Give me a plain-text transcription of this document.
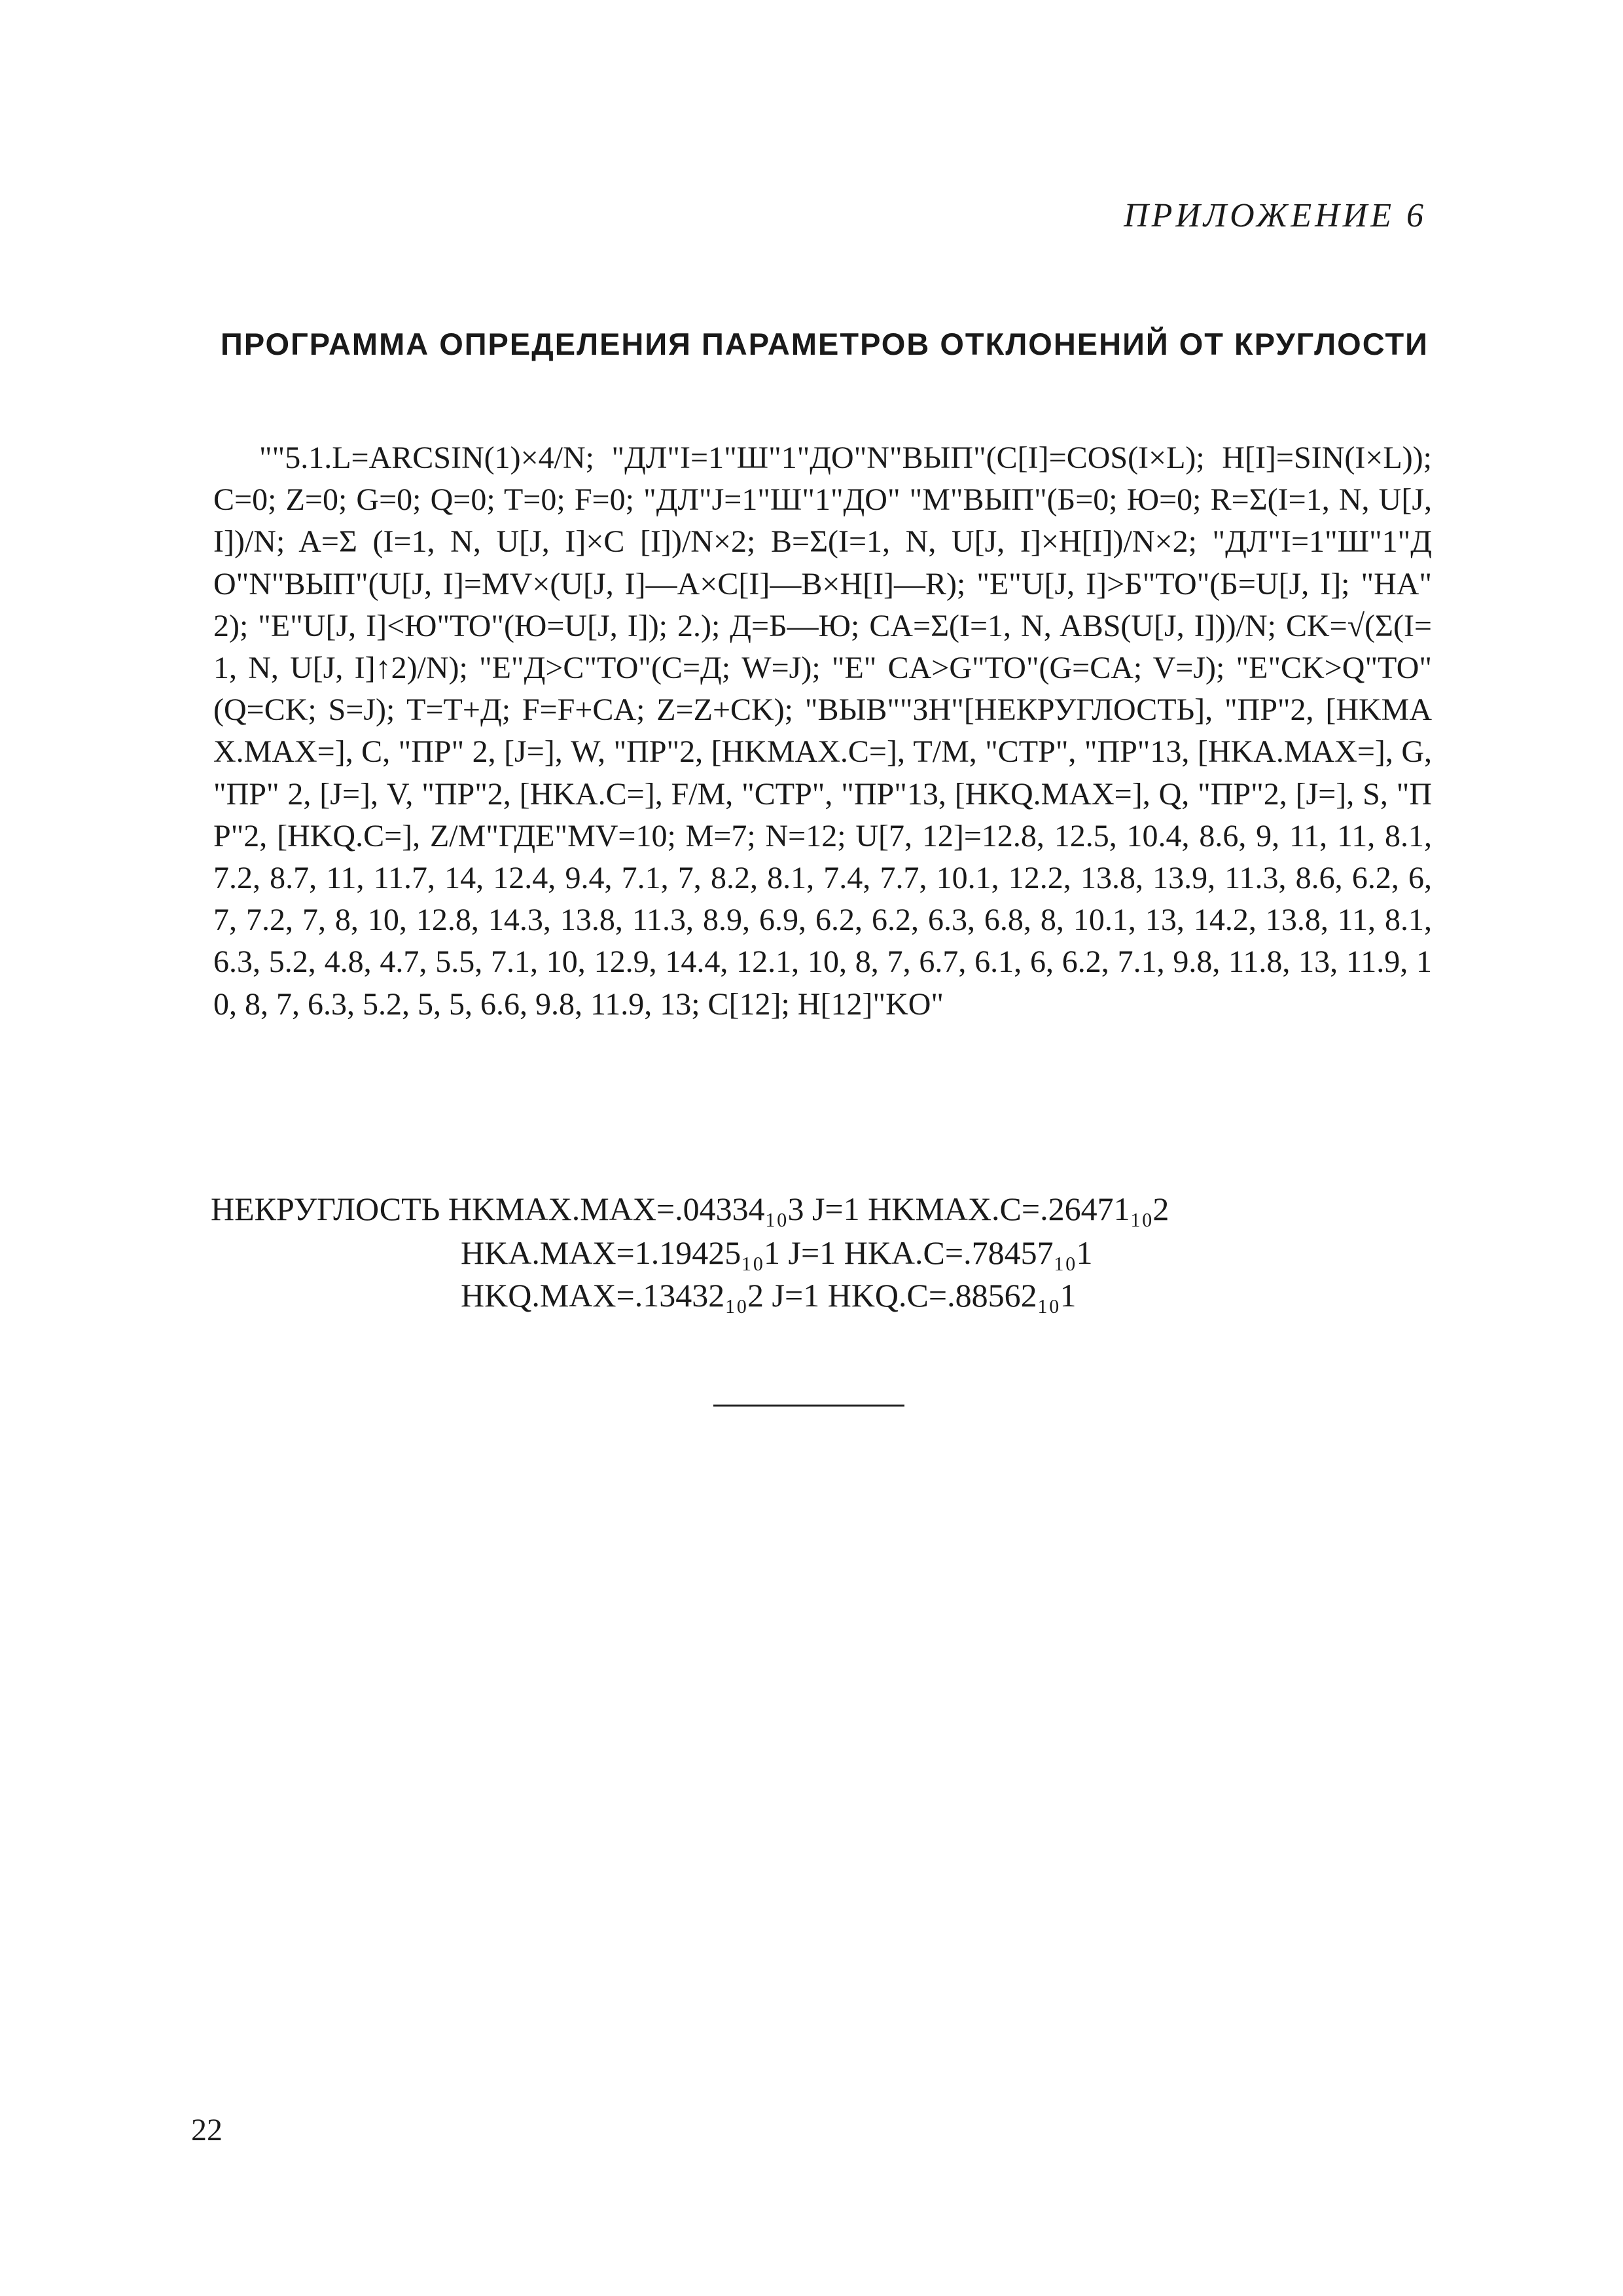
ПРИЛОЖЕНИЕ 6
ПРОГРАММА ОПРЕДЕЛЕНИЯ ПАРАМЕТРОВ ОТКЛОНЕНИЙ ОТ КРУГЛОСТИ
""5.1.L=ARCSIN(1)×4/N; "ДЛ"I=1"Ш"1"ДО"N"ВЫП"(C[I]=COS(I×L); H[I]=SIN(I×L)); C=0; Z=0; G=0; Q=0; T=0; F=0; "ДЛ"J=1"Ш"1"ДО" "M"ВЫП"(Б=0; Ю=0; R=Σ(I=1, N, U[J, I])/N; A=Σ (I=1, N, U[J, I]×C [I])/N×2; B=Σ(I=1, N, U[J, I]×H[I])/N×2; "ДЛ"I=1"Ш"1"ДО"N"ВЫП"(U[J, I]=MV×(U[J, I]—A×C[I]—B×H[I]—R); "E"U[J, I]>Б"ТО"(Б=U[J, I]; "HA" 2); "E"U[J, I]<Ю"ТО"(Ю=U[J, I]); 2.); Д=Б—Ю; CA=Σ(I=1, N, ABS(U[J, I]))/N; CK=√(Σ(I=1, N, U[J, I]↑2)/N); "E"Д>C"ТО"(C=Д; W=J); "E" CA>G"ТО"(G=CA; V=J); "E"CK>Q"ТО"(Q=CK; S=J); T=T+Д; F=F+CA; Z=Z+CK); "ВЫВ""ЗН"[НЕКРУГЛОСТЬ], "ПР"2, [HKMAX.MAX=], C, "ПР" 2, [J=], W, "ПР"2, [HKMAX.C=], T/M, "СТР", "ПР"13, [HKA.MAX=], G, "ПР" 2, [J=], V, "ПР"2, [HKA.C=], F/M, "СТР", "ПР"13, [HKQ.MAX=], Q, "ПР"2, [J=], S, "ПР"2, [HKQ.C=], Z/M"ГДЕ"MV=10; M=7; N=12; U[7, 12]=12.8, 12.5, 10.4, 8.6, 9, 11, 11, 8.1, 7.2, 8.7, 11, 11.7, 14, 12.4, 9.4, 7.1, 7, 8.2, 8.1, 7.4, 7.7, 10.1, 12.2, 13.8, 13.9, 11.3, 8.6, 6.2, 6, 7, 7.2, 7, 8, 10, 12.8, 14.3, 13.8, 11.3, 8.9, 6.9, 6.2, 6.2, 6.3, 6.8, 8, 10.1, 13, 14.2, 13.8, 11, 8.1, 6.3, 5.2, 4.8, 4.7, 5.5, 7.1, 10, 12.9, 14.4, 12.1, 10, 8, 7, 6.7, 6.1, 6, 6.2, 7.1, 9.8, 11.8, 13, 11.9, 10, 8, 7, 6.3, 5.2, 5, 5, 6.6, 9.8, 11.9, 13; C[12]; H[12]"KO"
НЕКРУГЛОСТЬ HKMAX.MAX=.04334₁₀3 J=1 HKMAX.C=.26471₁₀2
HKA.MAX=1.19425₁₀1 J=1 HKA.C=.78457₁₀1
HKQ.MAX=.13432₁₀2 J=1 HKQ.C=.88562₁₀1
22
